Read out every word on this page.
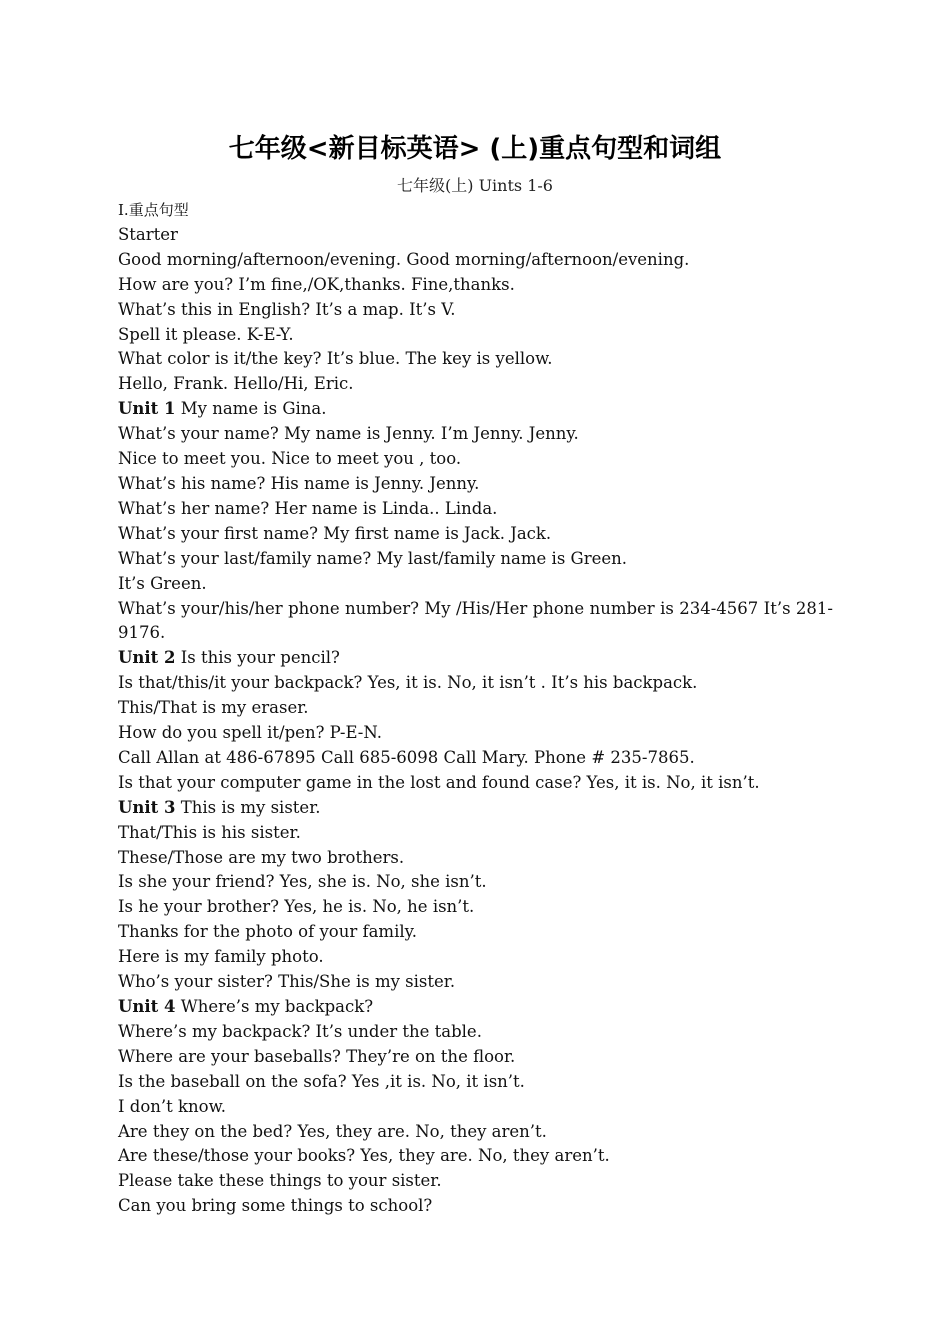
七年级<新目标英语> (上)重点句型和词组
七年级(上) Uints 1-6
I.重点句型
Starter
Good morning/afternoon/evening. Good morning/afternoon/evening.
How are you? I’m fine,/OK,thanks. Fine,thanks.
What’s this in English? It’s a map. It’s V.
Spell it please. K-E-Y.
What color is it/the key? It’s blue. The key is yellow.
Hello, Frank. Hello/Hi, Eric.
Unit 1 My name is Gina.
What’s your name? My name is Jenny. I’m Jenny. Jenny.
Nice to meet you. Nice to meet you , too.
What’s his name? His name is Jenny. Jenny.
What’s her name? Her name is Linda.. Linda.
What’s your first name? My first name is Jack. Jack.
What’s your last/family name? My last/family name is Green.
It’s Green.
What’s your/his/her phone number? My /His/Her phone number is 234-4567 It’s 281-9176.
Unit 2 Is this your pencil?
Is that/this/it your backpack? Yes, it is. No, it isn’t . It’s his backpack.
This/That is my eraser.
How do you spell it/pen? P-E-N.
Call Allan at 486-67895 Call 685-6098 Call Mary. Phone # 235-7865.
Is that your computer game in the lost and found case? Yes, it is. No, it isn’t.
Unit 3 This is my sister.
That/This is his sister.
These/Those are my two brothers.
Is she your friend? Yes, she is. No, she isn’t.
Is he your brother? Yes, he is. No, he isn’t.
Thanks for the photo of your family.
Here is my family photo.
Who’s your sister? This/She is my sister.
Unit 4 Where’s my backpack?
Where’s my backpack? It’s under the table.
Where are your baseballs? They’re on the floor.
Is the baseball on the sofa? Yes ,it is. No, it isn’t.
I don’t know.
Are they on the bed? Yes, they are. No, they aren’t.
Are these/those your books? Yes, they are. No, they aren’t.
Please take these things to your sister.
Can you bring some things to school?
